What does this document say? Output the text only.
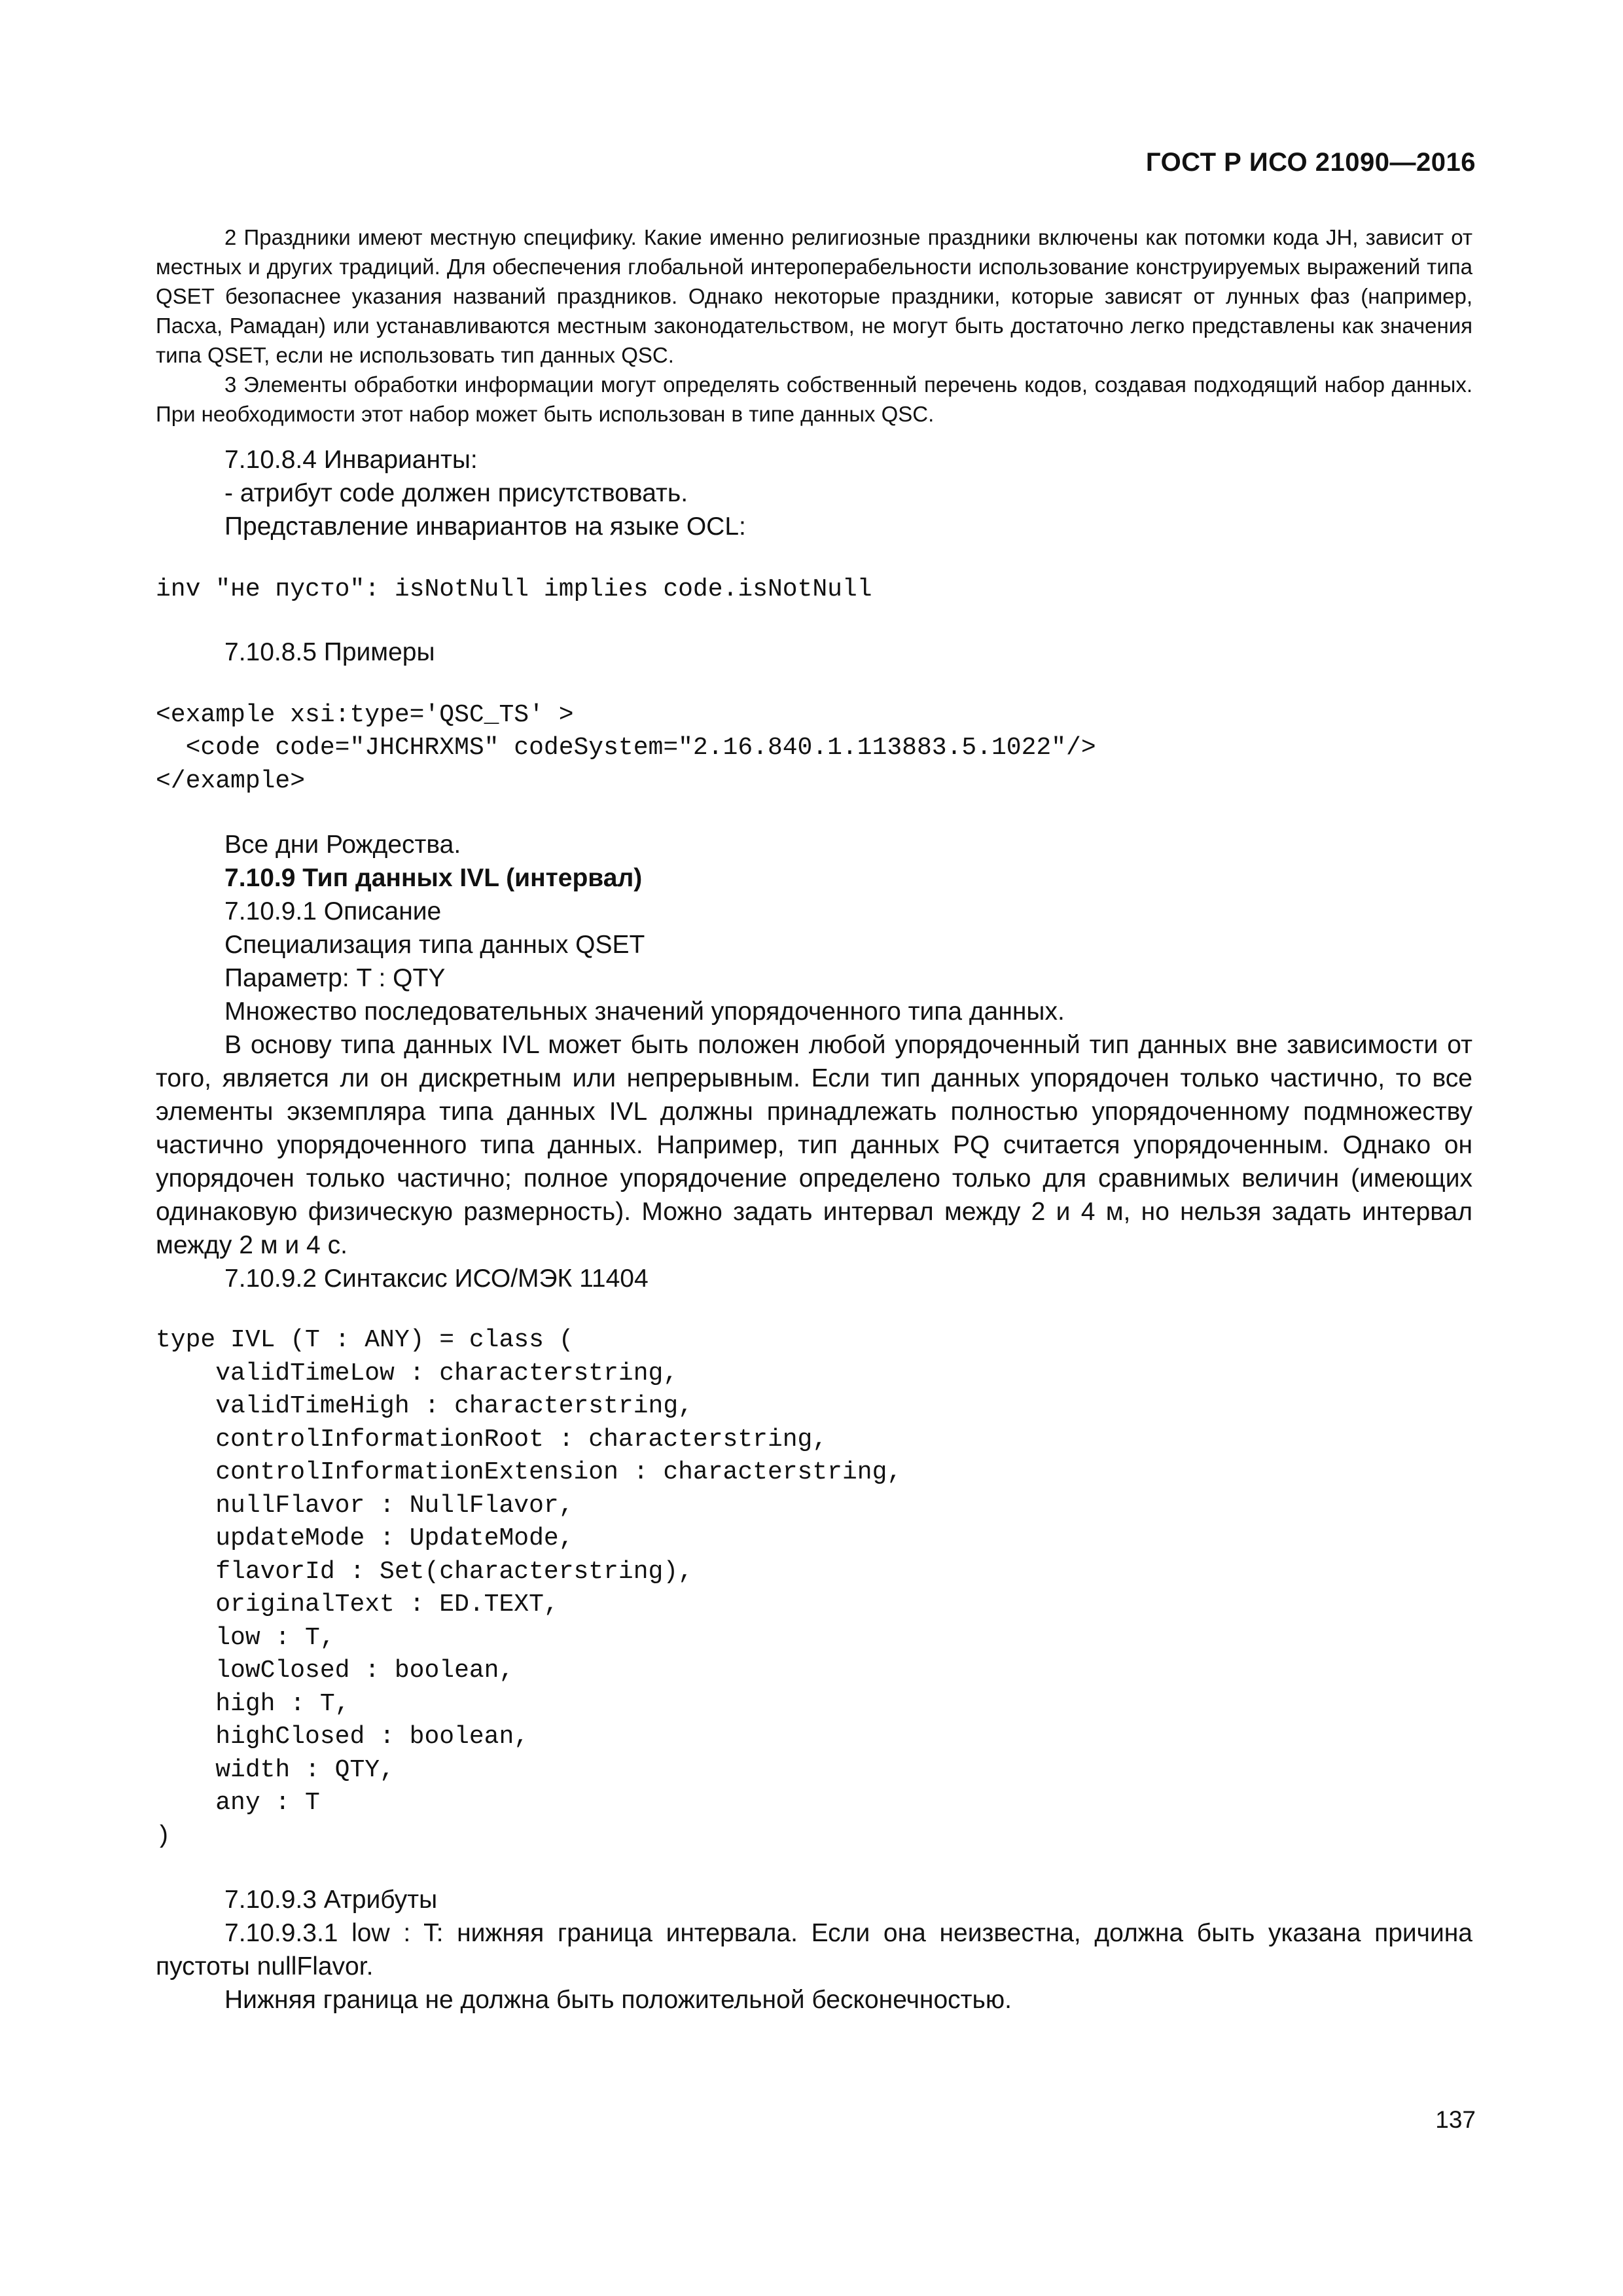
ГОСТ Р ИСО 21090—2016

2 Праздники имеют местную специфику. Какие именно религиозные праздники включены как потомки кода JH, зависит от местных и других традиций. Для обеспечения глобальной интероперабельности использование конструируемых выражений типа QSET безопаснее указания названий праздников. Однако некоторые праздники, которые зависят от лунных фаз (например, Пасха, Рамадан) или устанавливаются местным законодательством, не могут быть достаточно легко представлены как значения типа QSET, если не использовать тип данных QSC.

3 Элементы обработки информации могут определять собственный перечень кодов, создавая подходящий набор данных. При необходимости этот набор может быть использован в типе данных QSC.

7.10.8.4 Инварианты:

- атрибут code должен присутствовать.

Представление инвариантов на языке OCL:

inv "не пусто": isNotNull implies code.isNotNull

7.10.8.5 Примеры

<example xsi:type='QSC_TS' >
<code code="JHCHRXMS" codeSystem="2.16.840.1.113883.5.1022"/>
</example>

Все дни Рождества.

7.10.9 Тип данных IVL (интервал)

7.10.9.1 Описание

Специализация типа данных QSET

Параметр: T : QTY

Множество последовательных значений упорядоченного типа данных.

В основу типа данных IVL может быть положен любой упорядоченный тип данных вне зависимости от того, является ли он дискретным или непрерывным. Если тип данных упорядочен только частично, то все элементы экземпляра типа данных IVL должны принадлежать полностью упорядоченному подмножеству частично упорядоченного типа данных. Например, тип данных PQ считается упорядоченным. Однако он упорядочен только частично; полное упорядочение определено только для сравнимых величин (имеющих одинаковую физическую размерность). Можно задать интервал между 2 и 4 м, но нельзя задать интервал между 2 м и 4 с.

7.10.9.2 Синтаксис ИСО/МЭК 11404

type IVL (T : ANY) = class (
validTimeLow : characterstring,
validTimeHigh : characterstring,
controlInformationRoot : characterstring,
controlInformationExtension : characterstring,
nullFlavor : NullFlavor,
updateMode : UpdateMode,
flavorId : Set(characterstring),
originalText : ED.TEXT,
low : T,
lowClosed : boolean,
high : T,
highClosed : boolean,
width : QTY,
any : T
)

7.10.9.3 Атрибуты

7.10.9.3.1 low : T: нижняя граница интервала. Если она неизвестна, должна быть указана причина пустоты nullFlavor.

Нижняя граница не должна быть положительной бесконечностью.

137
